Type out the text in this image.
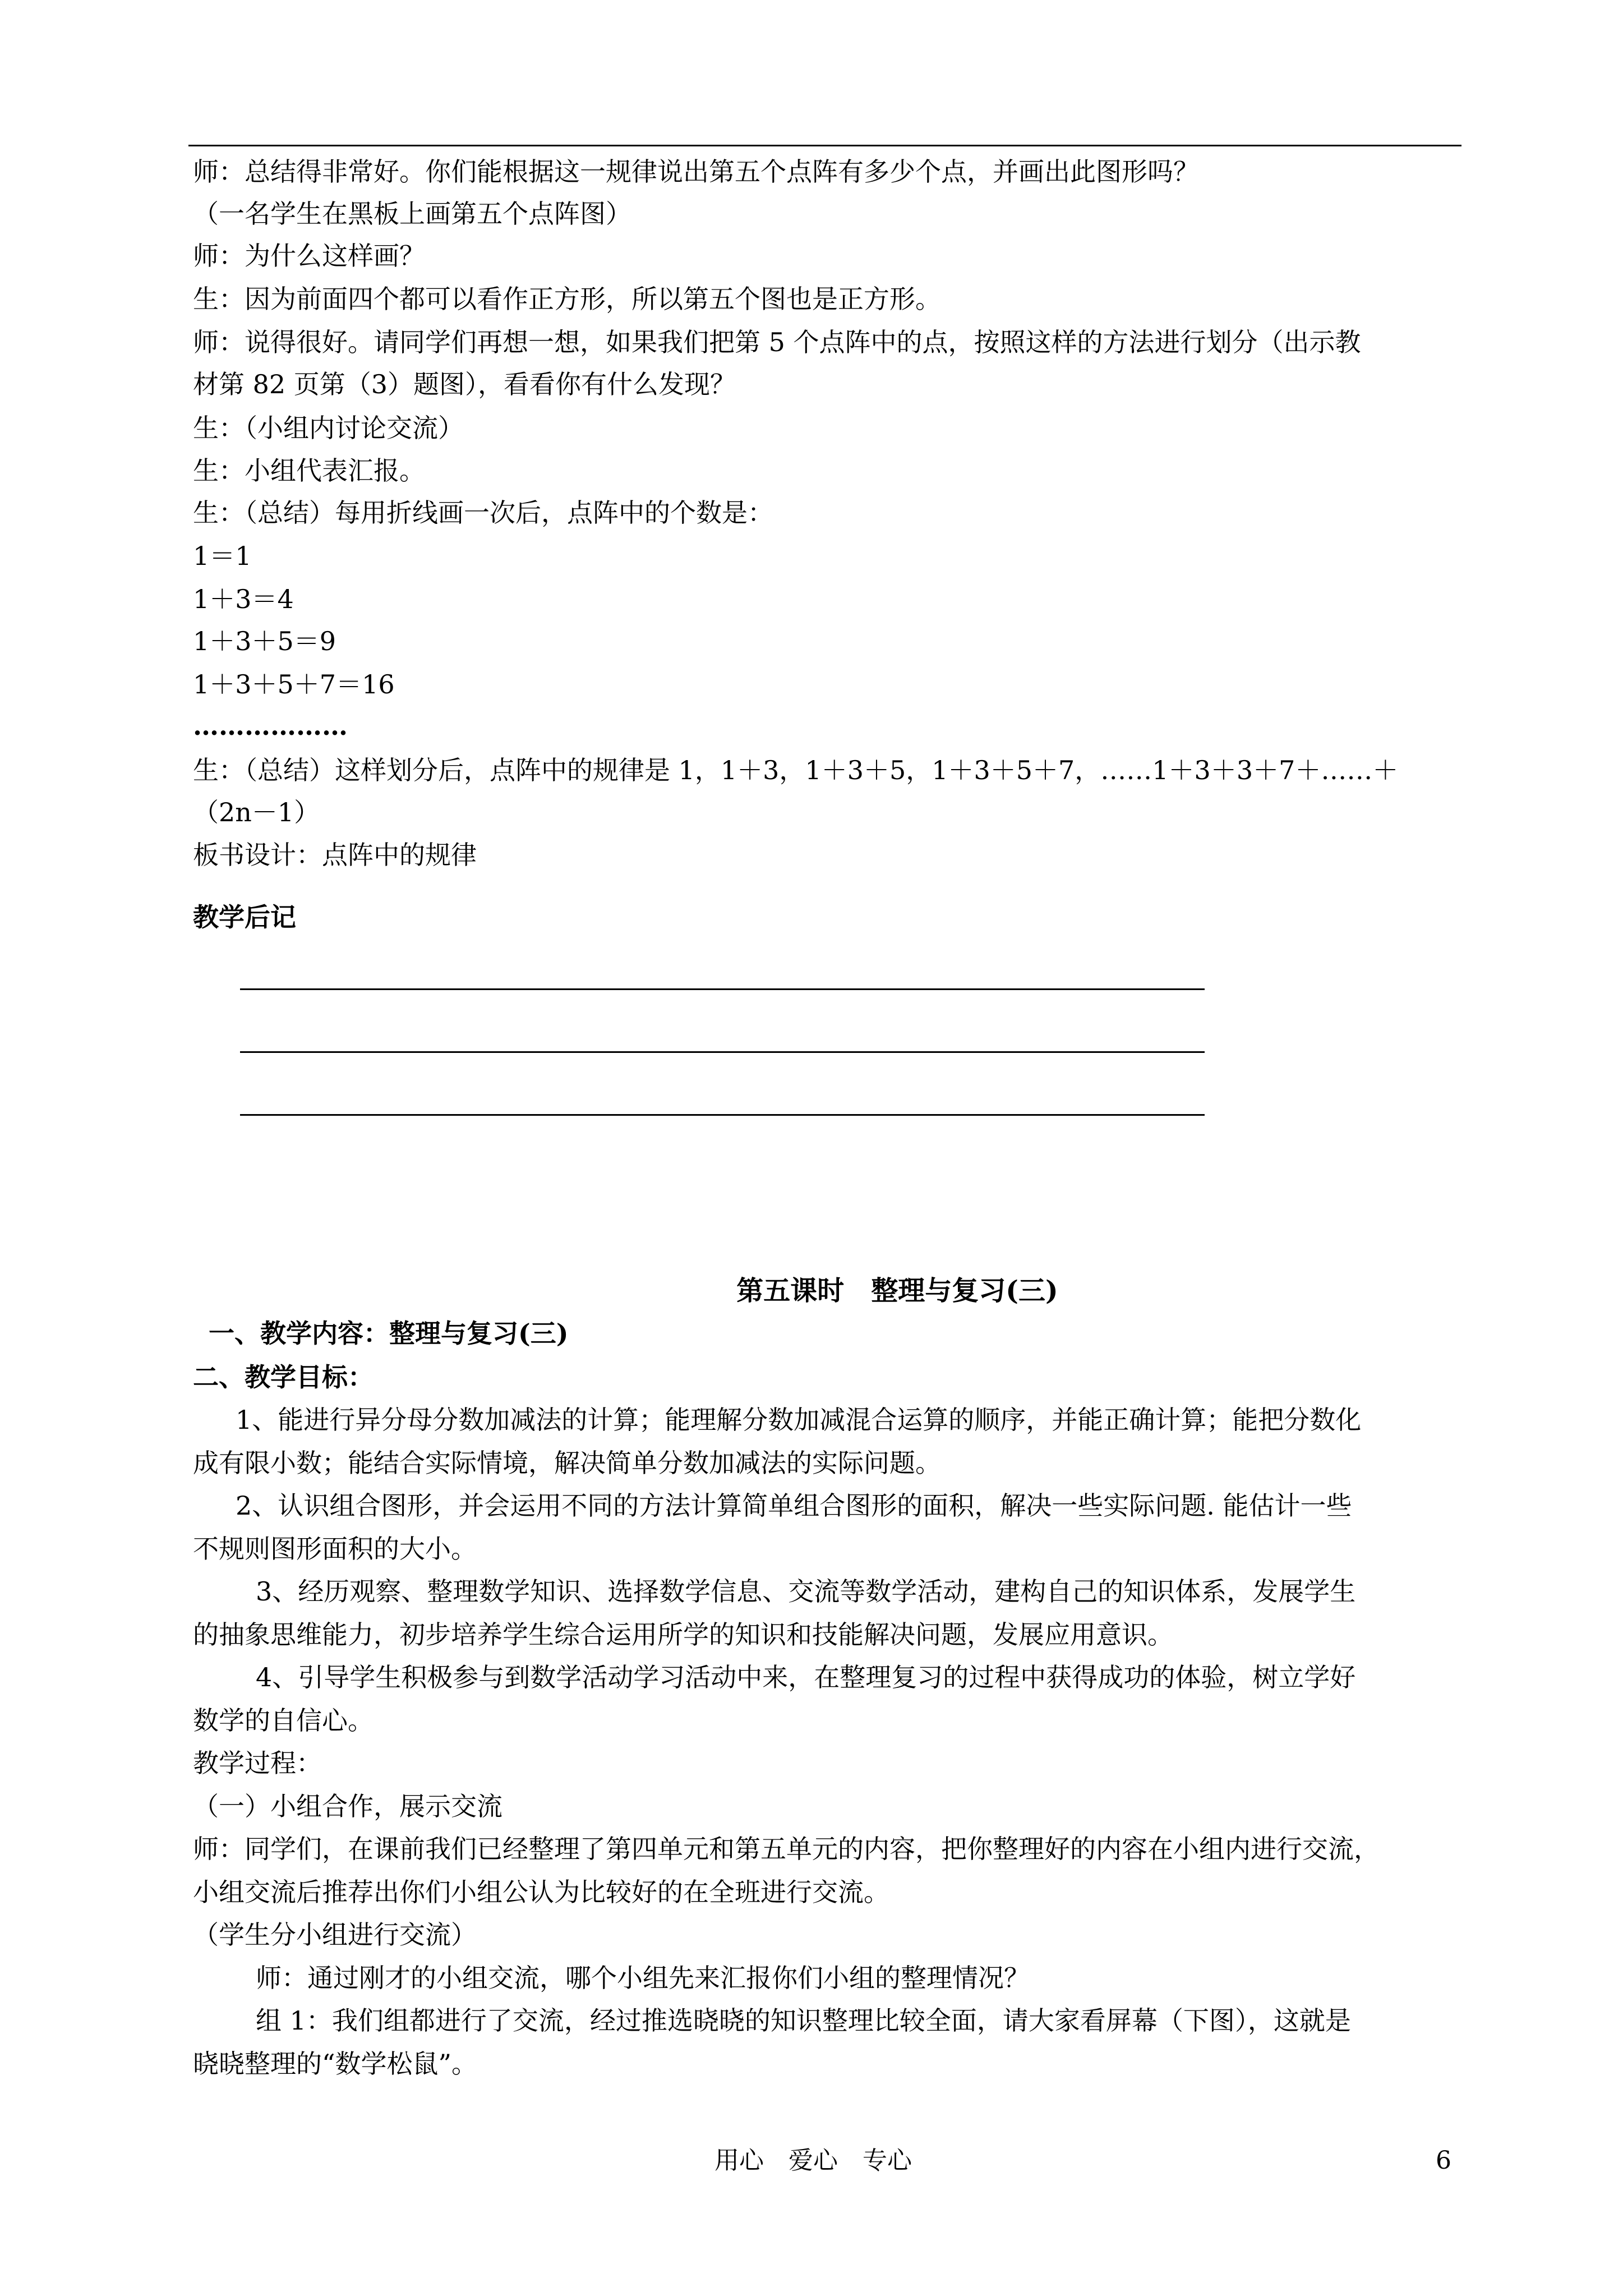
师：总结得非常好。你们能根据这一规律说出第五个点阵有多少个点，并画出此图形吗？
（一名学生在黑板上画第五个点阵图）
师：为什么这样画？
生：因为前面四个都可以看作正方形，所以第五个图也是正方形。
师：说得很好。请同学们再想一想，如果我们把第 5 个点阵中的点，按照这样的方法进行划分（出示教
材第 82 页第（3）题图），看看你有什么发现？
生：（小组内讨论交流）
生：小组代表汇报。
生：（总结）每用折线画一次后，点阵中的个数是：
1＝1
1＋3＝4
1＋3＋5＝9
1＋3＋5＋7＝16
………………
生：（总结）这样划分后，点阵中的规律是 1，1＋3，1＋3＋5，1＋3＋5＋7，……1＋3＋3＋7＋……＋
（2n－1）
板书设计：点阵中的规律
教学后记
第五课时　整理与复习(三)
一、教学内容：整理与复习(三)
二、教学目标：
1、能进行异分母分数加减法的计算；能理解分数加减混合运算的顺序，并能正确计算；能把分数化
成有限小数；能结合实际情境，解决简单分数加减法的实际问题。
2、认识组合图形，并会运用不同的方法计算简单组合图形的面积，解决一些实际问题. 能估计一些
不规则图形面积的大小。
3、经历观察、整理数学知识、选择数学信息、交流等数学活动，建构自己的知识体系，发展学生
的抽象思维能力，初步培养学生综合运用所学的知识和技能解决问题，发展应用意识。
4、引导学生积极参与到数学活动学习活动中来，在整理复习的过程中获得成功的体验，树立学好
数学的自信心。
教学过程：
（一）小组合作，展示交流
师：同学们，在课前我们已经整理了第四单元和第五单元的内容，把你整理好的内容在小组内进行交流，
小组交流后推荐出你们小组公认为比较好的在全班进行交流。
（学生分小组进行交流）
师：通过刚才的小组交流，哪个小组先来汇报你们小组的整理情况？
组 1：我们组都进行了交流，经过推选晓晓的知识整理比较全面，请大家看屏幕（下图），这就是
晓晓整理的“数学松鼠”。
用心　爱心　专心	6
